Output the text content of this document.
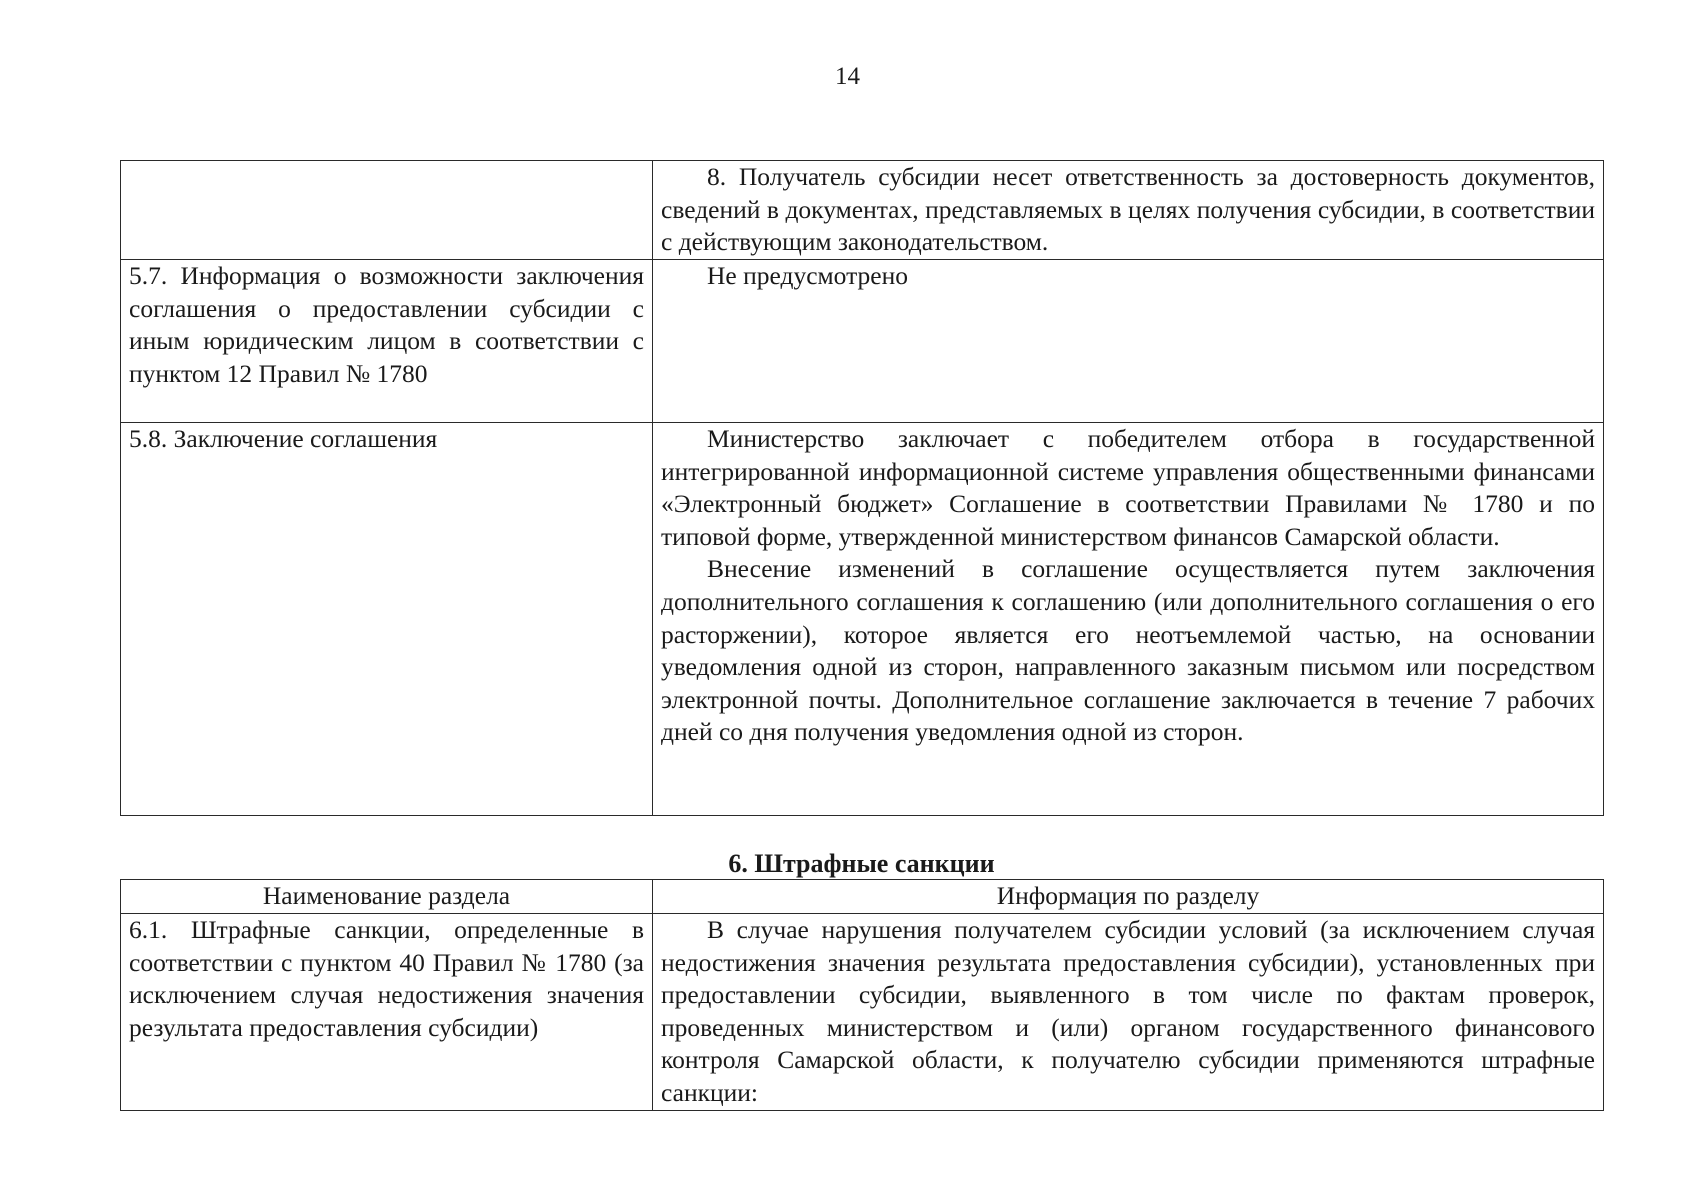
14

	8. Получатель субсидии несет ответственность за достоверность документов, сведений в документах, представляемых в целях получения субсидии, в соответствии с действующим законодательством.

5.7. Информация о возможности заключения соглашения о предоставлении субсидии с иным юридическим лицом в соответствии с пунктом 12 Правил № 1780	Не предусмотрено

5.8. Заключение соглашения	Министерство заключает с победителем отбора в государственной интегрированной информационной системе управления общественными финансами «Электронный бюджет» Соглашение в соответствии Правилами № 1780 и по типовой форме, утвержденной министерством финансов Самарской области.

Внесение изменений в соглашение осуществляется путем заключения дополнительного соглашения к соглашению (или дополнительного соглашения о его расторжении), которое является его неотъемлемой частью, на основании уведомления одной из сторон, направленного заказным письмом или посредством электронной почты. Дополнительное соглашение заключается в течение 7 рабочих дней со дня получения уведомления одной из сторон.

6. Штрафные санкции
Наименование раздела	Информация по разделу

6.1. Штрафные санкции, определенные в соответствии с пунктом 40 Правил № 1780 (за исключением случая недостижения значения результата предоставления субсидии)	В случае нарушения получателем субсидии условий (за исключением случая недостижения значения результата предоставления субсидии), установленных при предоставлении субсидии, выявленного в том числе по фактам проверок, проведенных министерством и (или) органом государственного финансового контроля Самарской области, к получателю субсидии применяются штрафные санкции:
